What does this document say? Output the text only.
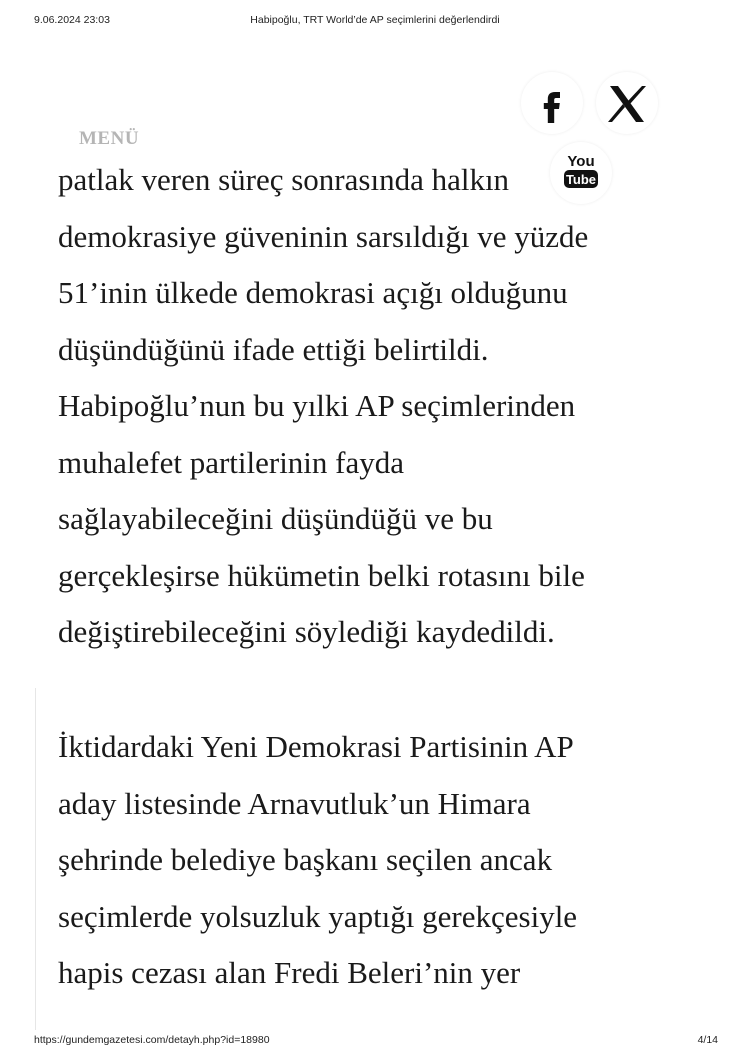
9.06.2024 23:03	Habipoğlu, TRT World’de AP seçimlerini değerlendirdi

patlak veren süreç sonrasında halkın
demokrasiye güveninin sarsıldığı ve yüzde
51’inin ülkede demokrasi açığı olduğunu
düşündüğünü ifade ettiği belirtildi.
Habipoğlu’nun bu yılki AP seçimlerinden
muhalefet partilerinin fayda
sağlayabileceğini düşündüğü ve bu
gerçekleşirse hükümetin belki rotasını bile
değiştirebileceğini söylediği kaydedildi.

İktidardaki Yeni Demokrasi Partisinin AP
aday listesinde Arnavutluk’un Himara
şehrinde belediye başkanı seçilen ancak
seçimlerde yolsuzluk yaptığı gerekçesiyle
hapis cezası alan Fredi Beleri’nin yer

MENÜ
You
Tube
https://gundemgazetesi.com/detayh.php?id=18980	4/14
